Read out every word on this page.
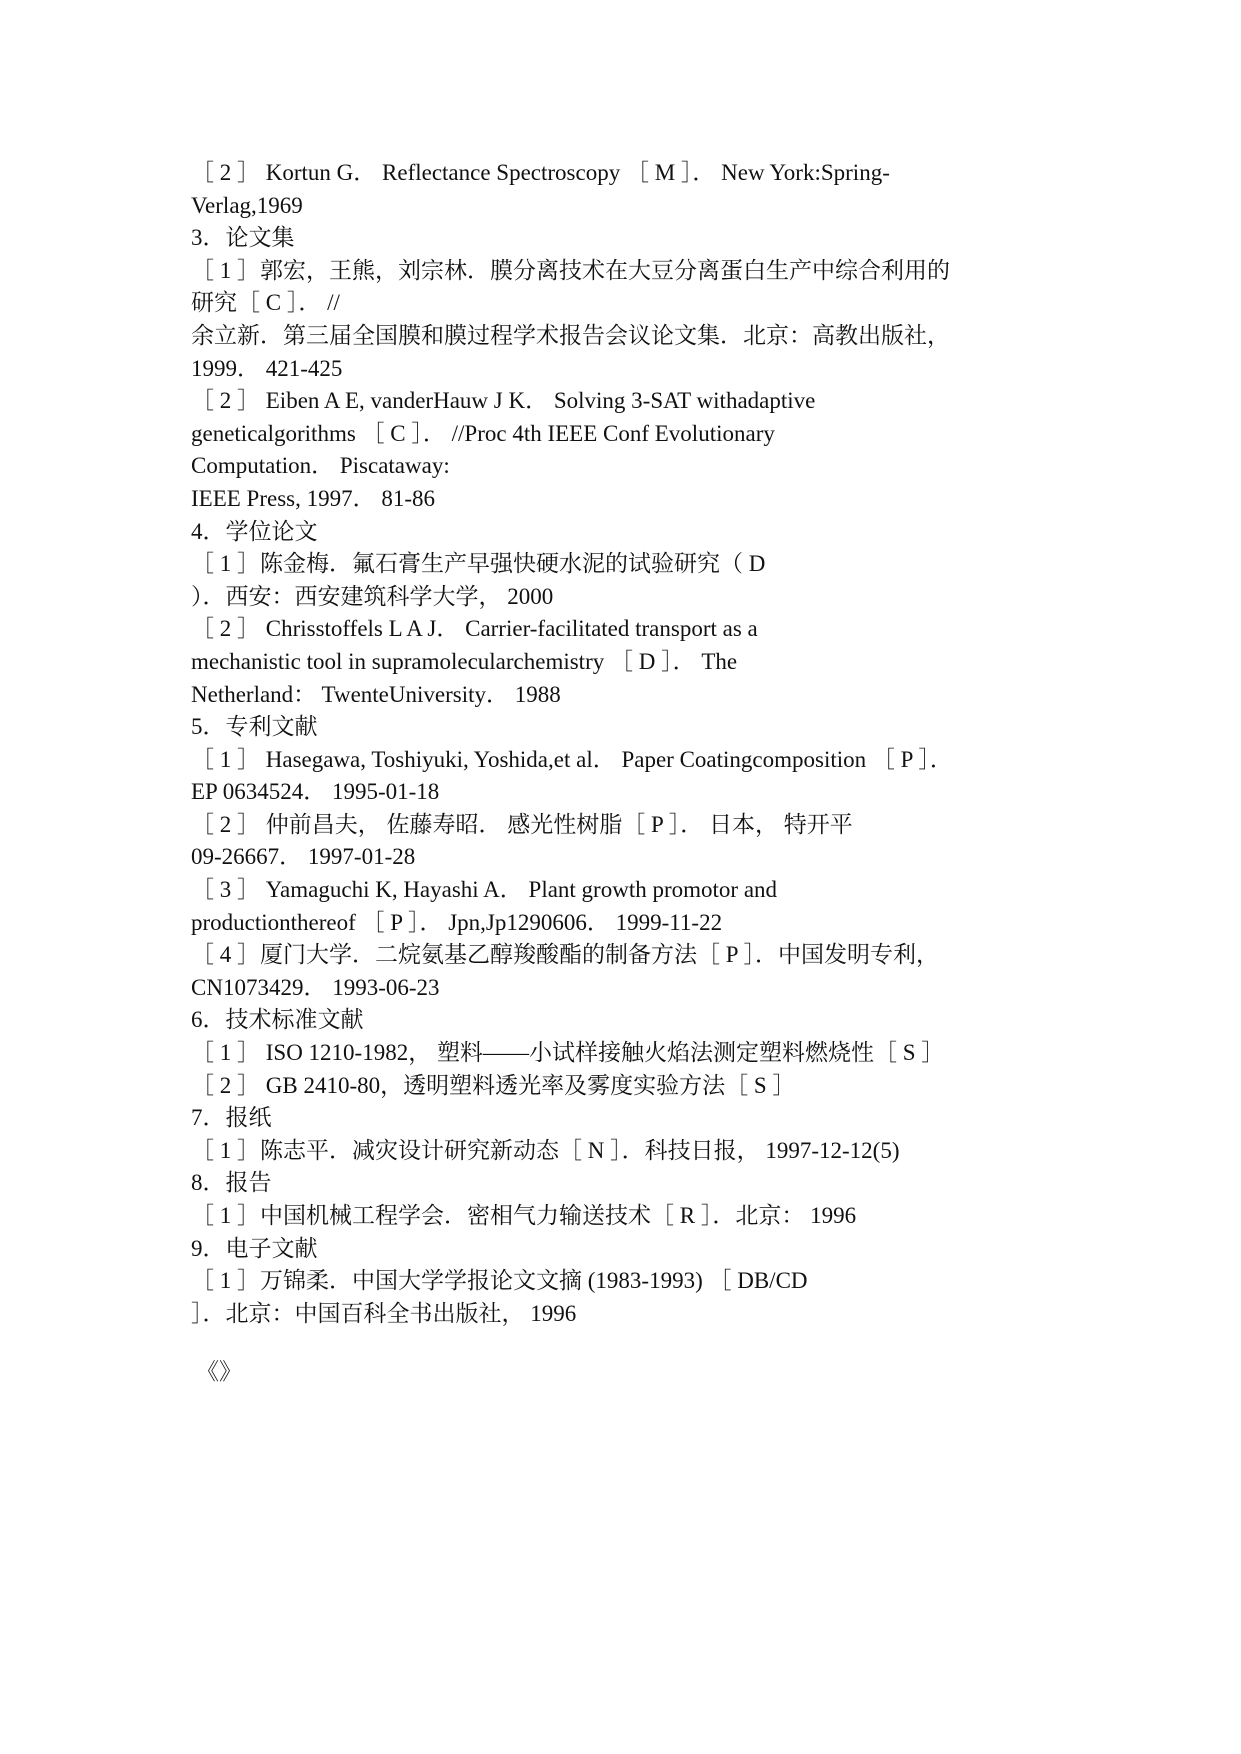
［ 2 ］ Kortun G． Reflectance Spectroscopy ［ M ］． New York:Spring-
Verlag,1969
3．论文集
［ 1 ］郭宏，王熊，刘宗林．膜分离技术在大豆分离蛋白生产中综合利用的
研究［ C ］． //
余立新．第三届全国膜和膜过程学术报告会议论文集．北京：高教出版社，
1999． 421-425
［ 2 ］ Eiben A E, vanderHauw J K． Solving 3-SAT withadaptive
geneticalgorithms ［ C ］． //Proc 4th IEEE Conf Evolutionary
Computation． Piscataway:
IEEE Press, 1997． 81-86
4．学位论文
［ 1 ］陈金梅．氟石膏生产早强快硬水泥的试验研究（ D
）．西安：西安建筑科学大学， 2000
［ 2 ］ Chrisstoffels L A J． Carrier-facilitated transport as a
mechanistic tool in supramolecularchemistry ［ D ］． The
Netherland： TwenteUniversity． 1988
5．专利文献
［ 1 ］ Hasegawa, Toshiyuki, Yoshida,et al． Paper Coatingcomposition ［ P ］．
EP 0634524． 1995-01-18
［ 2 ］ 仲前昌夫， 佐藤寿昭． 感光性树脂［ P ］． 日本， 特开平
09-26667． 1997-01-28
［ 3 ］ Yamaguchi K, Hayashi A． Plant growth promotor and
productionthereof ［ P ］． Jpn,Jp1290606． 1999-11-22
［ 4 ］厦门大学．二烷氨基乙醇羧酸酯的制备方法［ P ］．中国发明专利，
CN1073429． 1993-06-23
6．技术标准文献
［ 1 ］ ISO 1210-1982， 塑料——小试样接触火焰法测定塑料燃烧性［ S ］
［ 2 ］ GB 2410-80，透明塑料透光率及雾度实验方法［ S ］
7．报纸
［ 1 ］陈志平．减灾设计研究新动态［ N ］．科技日报， 1997-12-12(5)
8．报告
［ 1 ］中国机械工程学会．密相气力输送技术［ R ］．北京： 1996
9．电子文献
［ 1 ］万锦柔．中国大学学报论文文摘 (1983-1993) ［ DB/CD
］．北京：中国百科全书出版社， 1996
《》
